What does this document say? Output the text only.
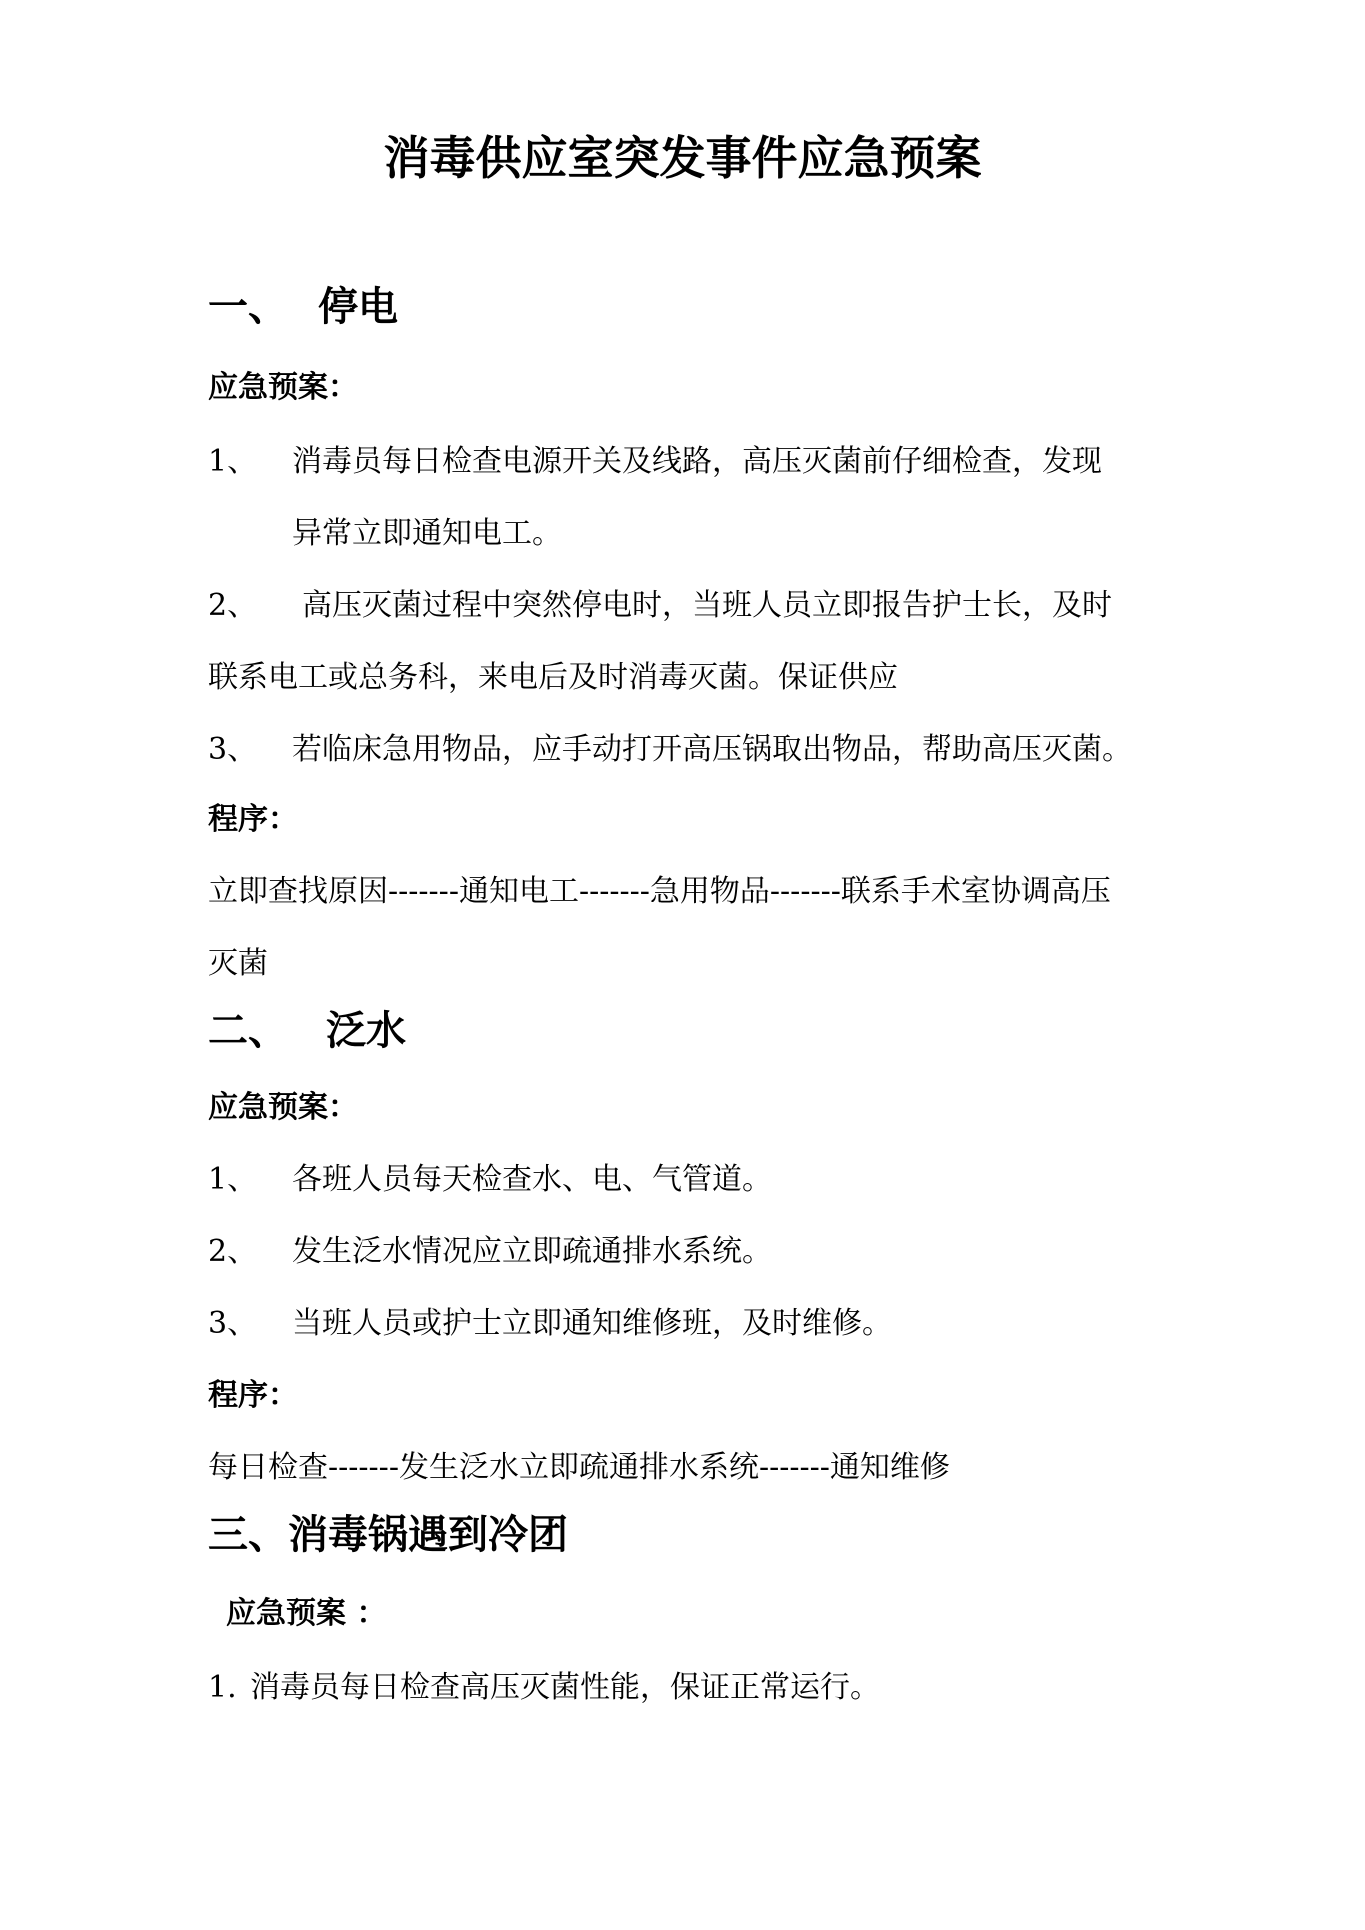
消毒供应室突发事件应急预案
一、 停电
应急预案：
1、 消毒员每日检查电源开关及线路，高压灭菌前仔细检查，发现
异常立即通知电工。
2、 高压灭菌过程中突然停电时，当班人员立即报告护士长，及时
联系电工或总务科，来电后及时消毒灭菌。保证供应
3、 若临床急用物品，应手动打开高压锅取出物品，帮助高压灭菌。
程序：
立即查找原因-------通知电工-------急用物品-------联系手术室协调高压
灭菌
二、 泛水
应急预案：
1、 各班人员每天检查水、电、气管道。
2、 发生泛水情况应立即疏通排水系统。
3、 当班人员或护士立即通知维修班，及时维修。
程序：
每日检查-------发生泛水立即疏通排水系统-------通知维修
三、消毒锅遇到冷团
应急预案 ：
1. 消毒员每日检查高压灭菌性能，保证正常运行。
